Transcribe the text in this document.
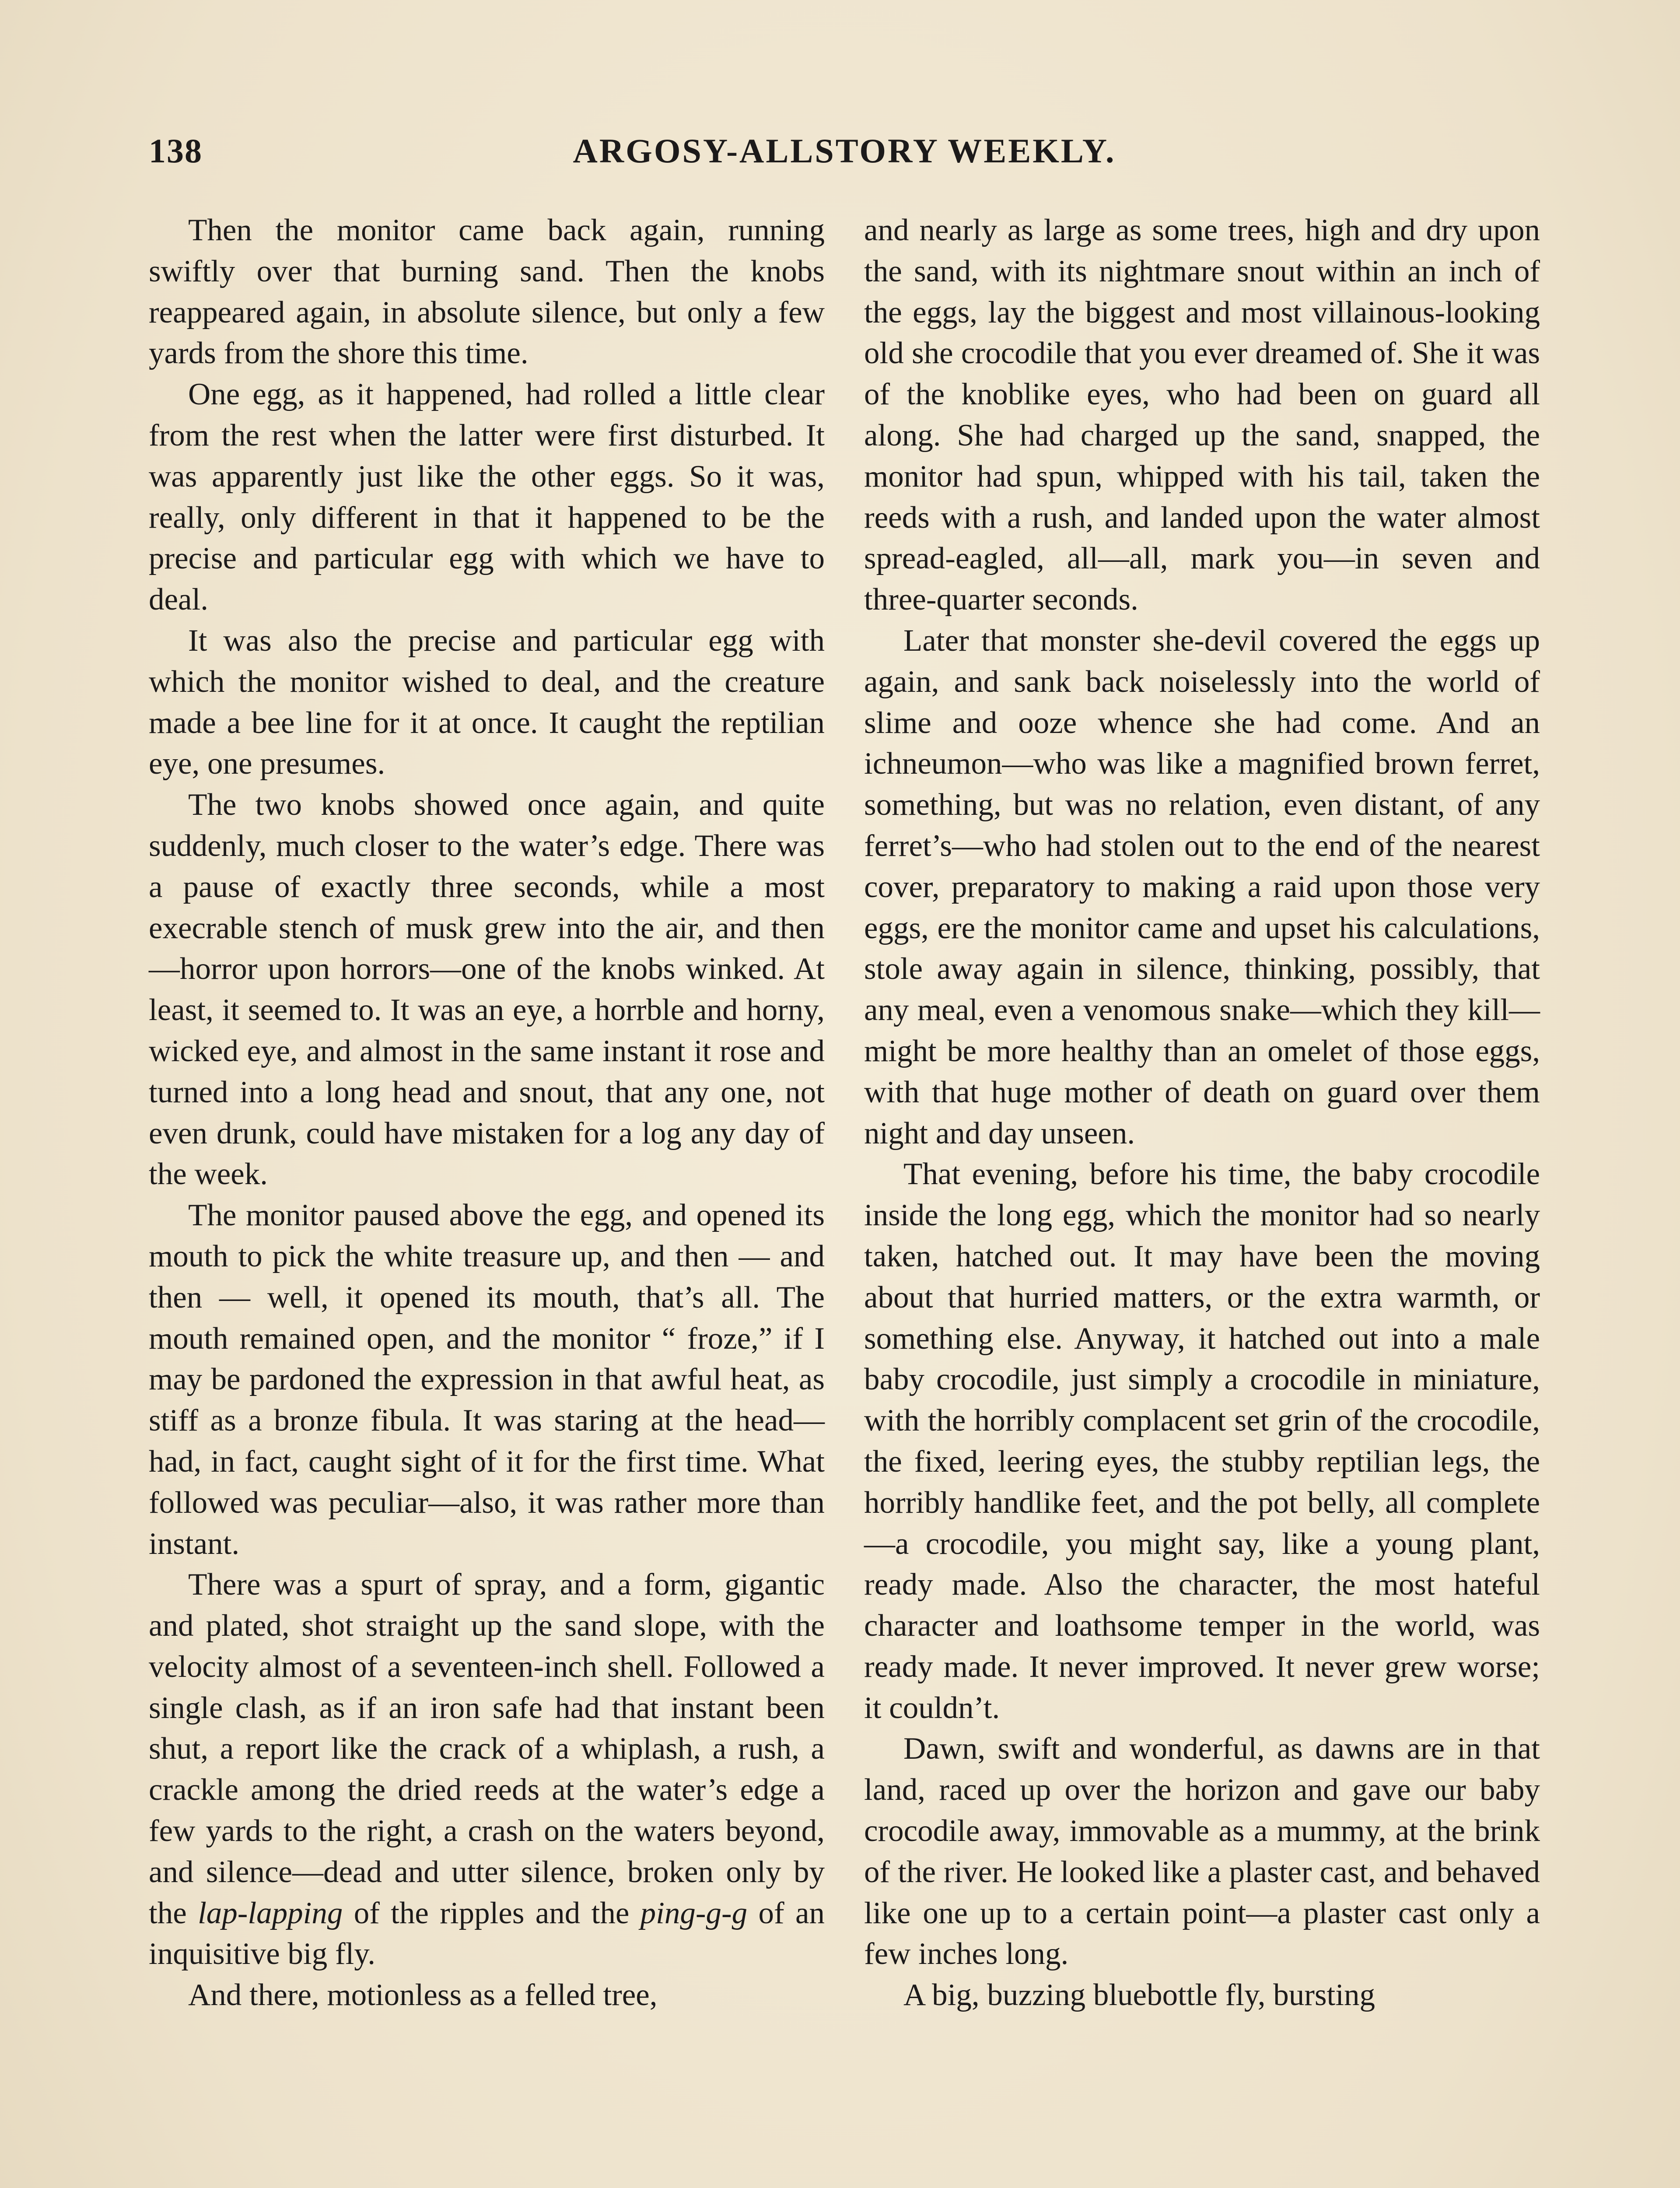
138	ARGOSY-ALLSTORY WEEKLY.

Then the monitor came back again, running swiftly over that burning sand. Then the knobs reappeared again, in absolute silence, but only a few yards from the shore this time.

One egg, as it happened, had rolled a little clear from the rest when the latter were first disturbed. It was apparently just like the other eggs. So it was, really, only different in that it happened to be the precise and particular egg with which we have to deal.

It was also the precise and particular egg with which the monitor wished to deal, and the creature made a bee line for it at once. It caught the reptilian eye, one presumes.

The two knobs showed once again, and quite suddenly, much closer to the water’s edge. There was a pause of exactly three seconds, while a most execrable stench of musk grew into the air, and then—horror upon horrors—one of the knobs winked. At least, it seemed to. It was an eye, a horrble and horny, wicked eye, and almost in the same instant it rose and turned into a long head and snout, that any one, not even drunk, could have mistaken for a log any day of the week.

The monitor paused above the egg, and opened its mouth to pick the white treasure up, and then — and then — well, it opened its mouth, that’s all. The mouth remained open, and the monitor “ froze,” if I may be pardoned the expression in that awful heat, as stiff as a bronze fibula. It was staring at the head—had, in fact, caught sight of it for the first time. What followed was peculiar—also, it was rather more than instant.

There was a spurt of spray, and a form, gigantic and plated, shot straight up the sand slope, with the velocity almost of a seventeen-inch shell. Followed a single clash, as if an iron safe had that instant been shut, a report like the crack of a whiplash, a rush, a crackle among the dried reeds at the water’s edge a few yards to the right, a crash on the waters beyond, and silence—dead and utter silence, broken only by the lap-lapping of the ripples and the ping-g-g of an inquisitive big fly.

And there, motionless as a felled tree,

and nearly as large as some trees, high and dry upon the sand, with its nightmare snout within an inch of the eggs, lay the biggest and most villainous-looking old she crocodile that you ever dreamed of. She it was of the knoblike eyes, who had been on guard all along. She had charged up the sand, snapped, the monitor had spun, whipped with his tail, taken the reeds with a rush, and landed upon the water almost spread-eagled, all—all, mark you—in seven and three-quarter seconds.

Later that monster she-devil covered the eggs up again, and sank back noiselessly into the world of slime and ooze whence she had come. And an ichneumon—who was like a magnified brown ferret, something, but was no relation, even distant, of any ferret’s—who had stolen out to the end of the nearest cover, preparatory to making a raid upon those very eggs, ere the monitor came and upset his calculations, stole away again in silence, thinking, possibly, that any meal, even a venomous snake—which they kill—might be more healthy than an omelet of those eggs, with that huge mother of death on guard over them night and day unseen.

That evening, before his time, the baby crocodile inside the long egg, which the monitor had so nearly taken, hatched out. It may have been the moving about that hurried matters, or the extra warmth, or something else. Anyway, it hatched out into a male baby crocodile, just simply a crocodile in miniature, with the horribly complacent set grin of the crocodile, the fixed, leering eyes, the stubby reptilian legs, the horribly handlike feet, and the pot belly, all complete—a crocodile, you might say, like a young plant, ready made. Also the character, the most hateful character and loathsome temper in the world, was ready made. It never improved. It never grew worse; it couldn’t.

Dawn, swift and wonderful, as dawns are in that land, raced up over the horizon and gave our baby crocodile away, immovable as a mummy, at the brink of the river. He looked like a plaster cast, and behaved like one up to a certain point—a plaster cast only a few inches long.

A big, buzzing bluebottle fly, bursting
